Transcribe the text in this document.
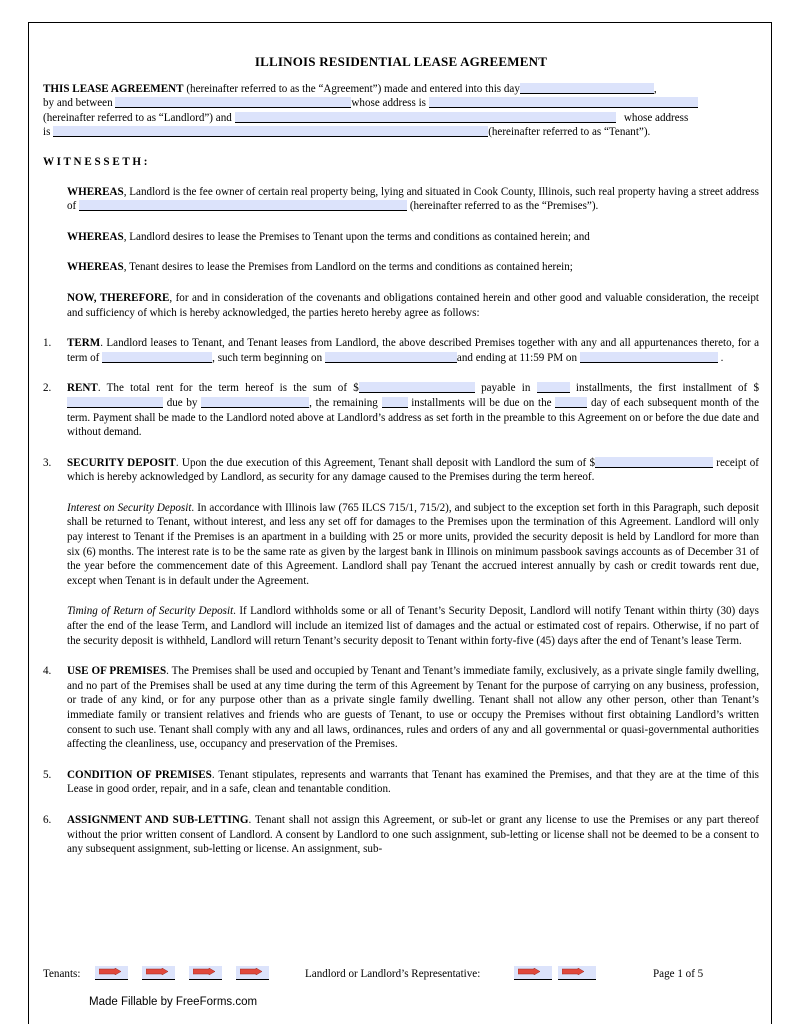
ILLINOIS RESIDENTIAL LEASE AGREEMENT

THIS LEASE AGREEMENT (hereinafter referred to as the “Agreement”) made and entered into this day	,
by and between	whose address is
(hereinafter referred to as “Landlord”) and	whose address
is	(hereinafter referred to as “Tenant”).

W I T N E S S E T H :

WHEREAS, Landlord is the fee owner of certain real property being, lying and situated in Cook County, Illinois, such real property having a street address of	(hereinafter referred to as the “Premises”).

WHEREAS, Landlord desires to lease the Premises to Tenant upon the terms and conditions as contained herein; and

WHEREAS, Tenant desires to lease the Premises from Landlord on the terms and conditions as contained herein;

NOW, THEREFORE, for and in consideration of the covenants and obligations contained herein and other good and valuable consideration, the receipt and sufficiency of which is hereby acknowledged, the parties hereto hereby agree as follows:

1. TERM. Landlord leases to Tenant, and Tenant leases from Landlord, the above described Premises together with any and all appurtenances thereto, for a term of	, such term beginning on	and ending at 11:59 PM on	.

2. RENT. The total rent for the term hereof is the sum of $	payable in	installments, the first installment of $ due by	, the remaining	installments will be due on the	day of each subsequent month of the term. Payment shall be made to the Landlord noted above at Landlord’s address as set forth in the preamble to this Agreement on or before the due date and without demand.

3. SECURITY DEPOSIT. Upon the due execution of this Agreement, Tenant shall deposit with Landlord the sum of $	receipt of which is hereby acknowledged by Landlord, as security for any damage caused to the Premises during the term hereof.

Interest on Security Deposit. In accordance with Illinois law (765 ILCS 715/1, 715/2), and subject to the exception set forth in this Paragraph, such deposit shall be returned to Tenant, without interest, and less any set off for damages to the Premises upon the termination of this Agreement. Landlord will only pay interest to Tenant if the Premises is an apartment in a building with 25 or more units, provided the security deposit is held by Landlord for more than six (6) months. The interest rate is to be the same rate as given by the largest bank in Illinois on minimum passbook savings accounts as of December 31 of the year before the commencement date of this Agreement. Landlord shall pay Tenant the accrued interest annually by cash or credit towards rent due, except when Tenant is in default under the Agreement.

Timing of Return of Security Deposit. If Landlord withholds some or all of Tenant’s Security Deposit, Landlord will notify Tenant within thirty (30) days after the end of the lease Term, and Landlord will include an itemized list of damages and the actual or estimated cost of repairs. Otherwise, if no part of the security deposit is withheld, Landlord will return Tenant’s security deposit to Tenant within forty-five (45) days after the end of Tenant’s lease Term.

4. USE OF PREMISES. The Premises shall be used and occupied by Tenant and Tenant’s immediate family, exclusively, as a private single family dwelling, and no part of the Premises shall be used at any time during the term of this Agreement by Tenant for the purpose of carrying on any business, profession, or trade of any kind, or for any purpose other than as a private single family dwelling. Tenant shall not allow any other person, other than Tenant’s immediate family or transient relatives and friends who are guests of Tenant, to use or occupy the Premises without first obtaining Landlord’s written consent to such use. Tenant shall comply with any and all laws, ordinances, rules and orders of any and all governmental or quasi-governmental authorities affecting the cleanliness, use, occupancy and preservation of the Premises.

5. CONDITION OF PREMISES. Tenant stipulates, represents and warrants that Tenant has examined the Premises, and that they are at the time of this Lease in good order, repair, and in a safe, clean and tenantable condition.

6. ASSIGNMENT AND SUB-LETTING. Tenant shall not assign this Agreement, or sub-let or grant any license to use the Premises or any part thereof without the prior written consent of Landlord. A consent by Landlord to one such assignment, sub-letting or license shall not be deemed to be a consent to any subsequent assignment, sub-letting or license. An assignment, sub-

Tenants:	Landlord or Landlord’s Representative:	Page 1 of 5
Made Fillable by FreeForms.com
